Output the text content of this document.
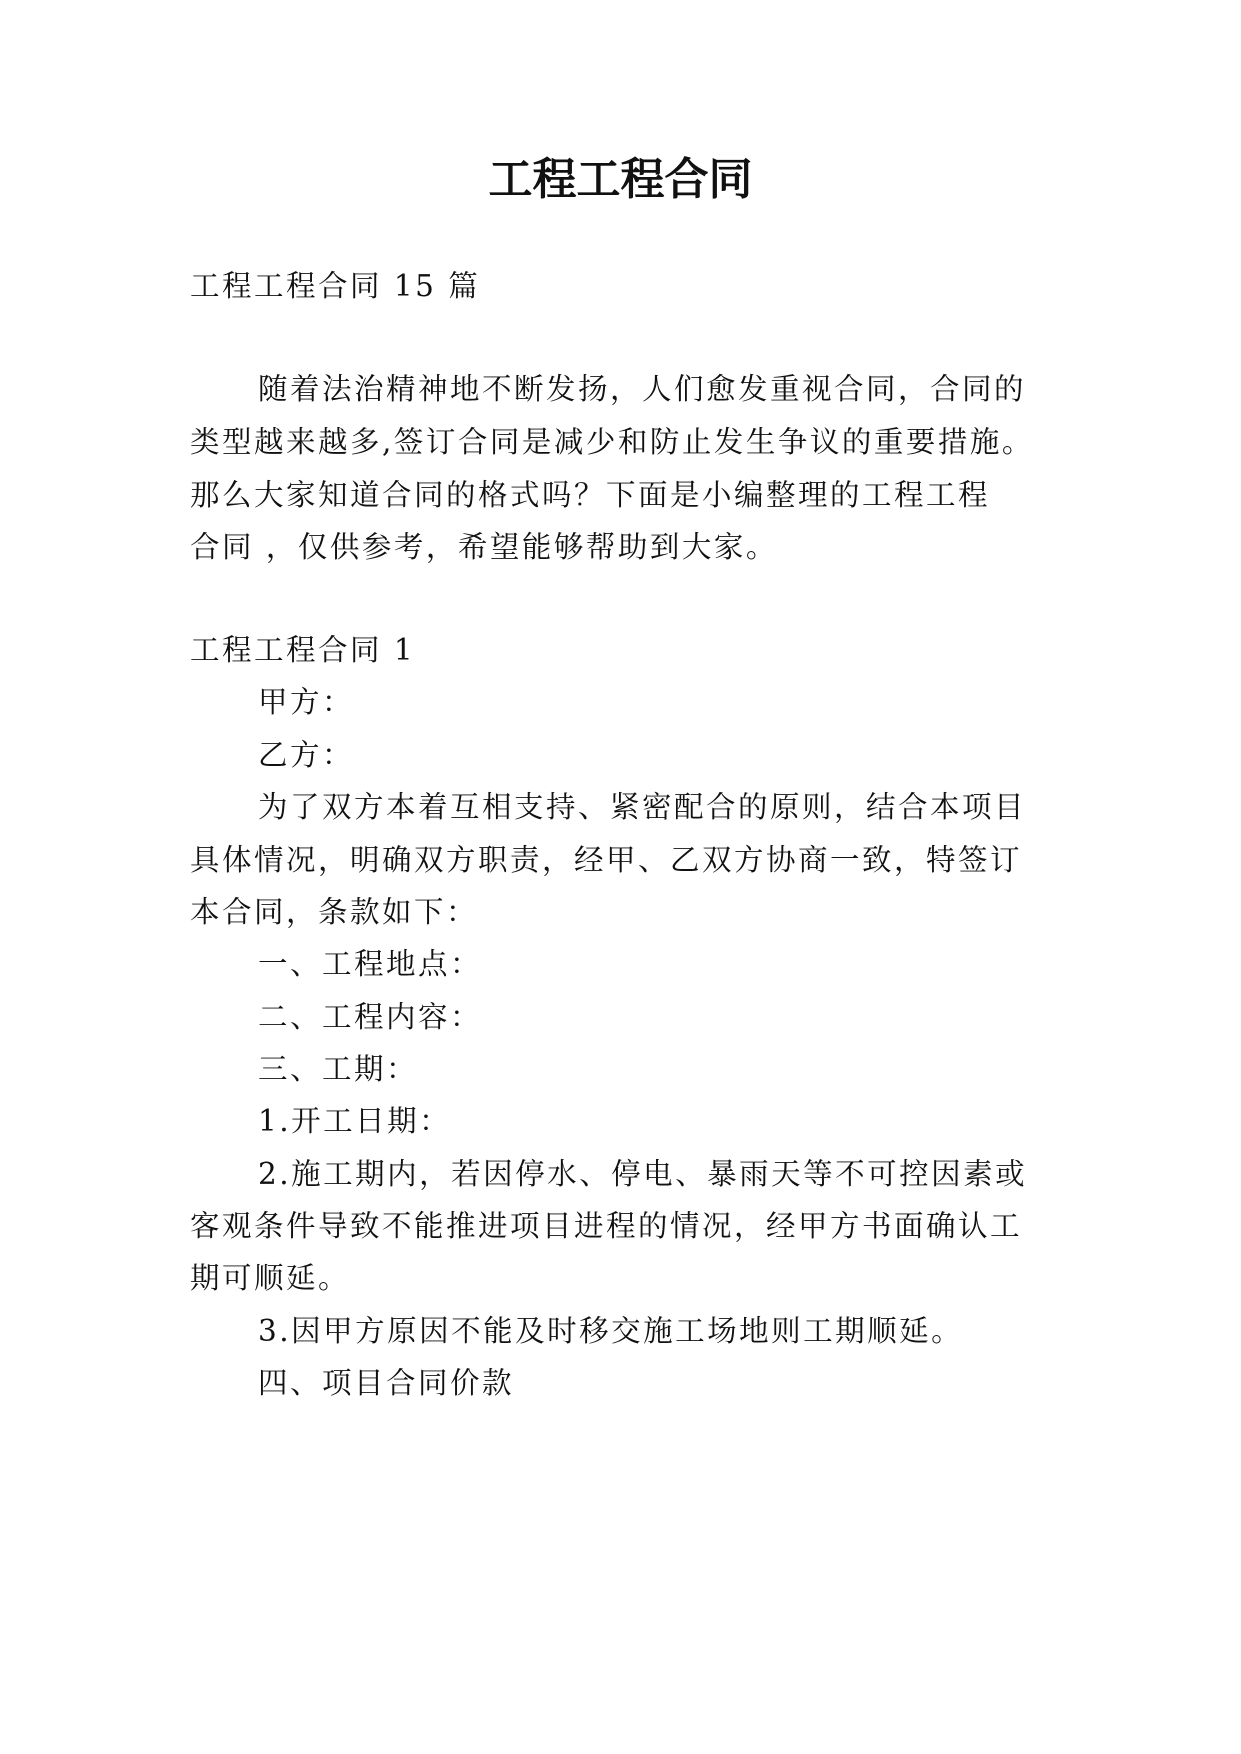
工程工程合同

工程工程合同 15 篇

随着法治精神地不断发扬，人们愈发重视合同，合同的

类型越来越多,签订合同是减少和防止发生争议的重要措施。

那么大家知道合同的格式吗？下面是小编整理的工程工程

合同 ，仅供参考，希望能够帮助到大家。

工程工程合同 1

甲方：

乙方：

为了双方本着互相支持、紧密配合的原则，结合本项目

具体情况，明确双方职责，经甲、乙双方协商一致，特签订

本合同，条款如下：

一、工程地点：

二、工程内容：

三、工期：

1.开工日期：

2.施工期内，若因停水、停电、暴雨天等不可控因素或

客观条件导致不能推进项目进程的情况，经甲方书面确认工

期可顺延。

3.因甲方原因不能及时移交施工场地则工期顺延。

四、项目合同价款
